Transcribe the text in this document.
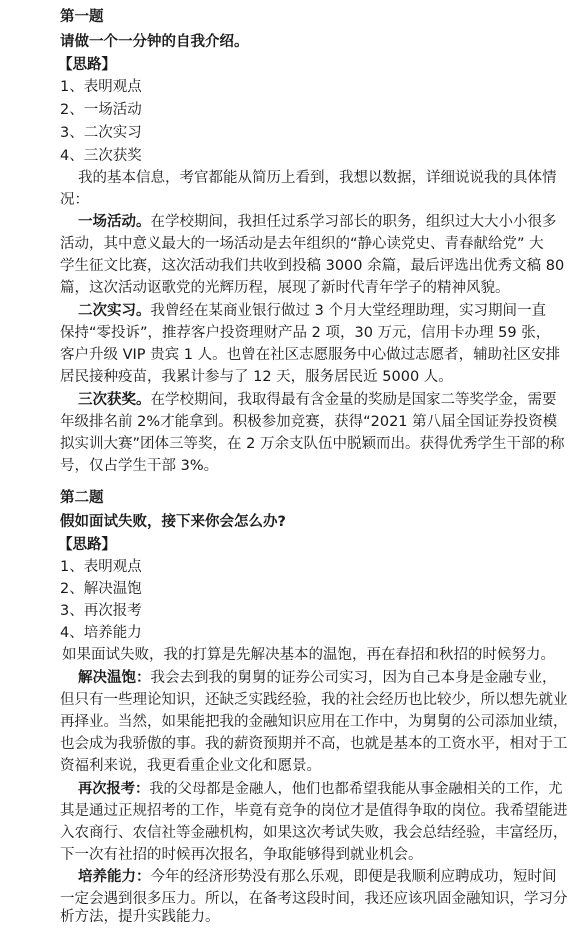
第一题
请做一个一分钟的自我介绍。
【思路】
1、表明观点
2、一场活动
3、二次实习
4、三次获奖
我的基本信息，考官都能从简历上看到，我想以数据，详细说说我的具体情
况：
一场活动。在学校期间，我担任过系学习部长的职务，组织过大大小小很多
活动，其中意义最大的一场活动是去年组织的“静心读党史、青春献给党” 大
学生征文比赛，这次活动我们共收到投稿 3000 余篇，最后评选出优秀文稿 80
篇，这次活动讴歌党的光辉历程，展现了新时代青年学子的精神风貌。
二次实习。我曾经在某商业银行做过 3 个月大堂经理助理，实习期间一直
保持“零投诉”，推荐客户投资理财产品 2 项，30 万元，信用卡办理 59 张，
客户升级 VIP 贵宾 1 人。也曾在社区志愿服务中心做过志愿者，辅助社区安排
居民接种疫苗，我累计参与了 12 天，服务居民近 5000 人。
三次获奖。在学校期间，我取得最有含金量的奖励是国家二等奖学金，需要
年级排名前 2%才能拿到。积极参加竞赛，获得“2021 第八届全国证券投资模
拟实训大赛”团体三等奖，在 2 万余支队伍中脱颖而出。获得优秀学生干部的称
号，仅占学生干部 3%。
第二题
假如面试失败，接下来你会怎么办?
【思路】
1、表明观点
2、解决温饱
3、再次报考
4、培养能力
如果面试失败，我的打算是先解决基本的温饱，再在春招和秋招的时候努力。
解决温饱：我会去到我的舅舅的证券公司实习，因为自己本身是金融专业，
但只有一些理论知识，还缺乏实践经验，我的社会经历也比较少，所以想先就业
再择业。当然，如果能把我的金融知识应用在工作中，为舅舅的公司添加业绩，
也会成为我骄傲的事。我的薪资预期并不高，也就是基本的工资水平，相对于工
资福利来说，我更看重企业文化和愿景。
再次报考：我的父母都是金融人，他们也都希望我能从事金融相关的工作，尤
其是通过正规招考的工作，毕竟有竞争的岗位才是值得争取的岗位。我希望能进
入农商行、农信社等金融机构，如果这次考试失败，我会总结经验，丰富经历，
下一次有社招的时候再次报名，争取能够得到就业机会。
培养能力：今年的经济形势没有那么乐观，即便是我顺利应聘成功，短时间
一定会遇到很多压力。所以，在备考这段时间，我还应该巩固金融知识，学习分
析方法，提升实践能力。
